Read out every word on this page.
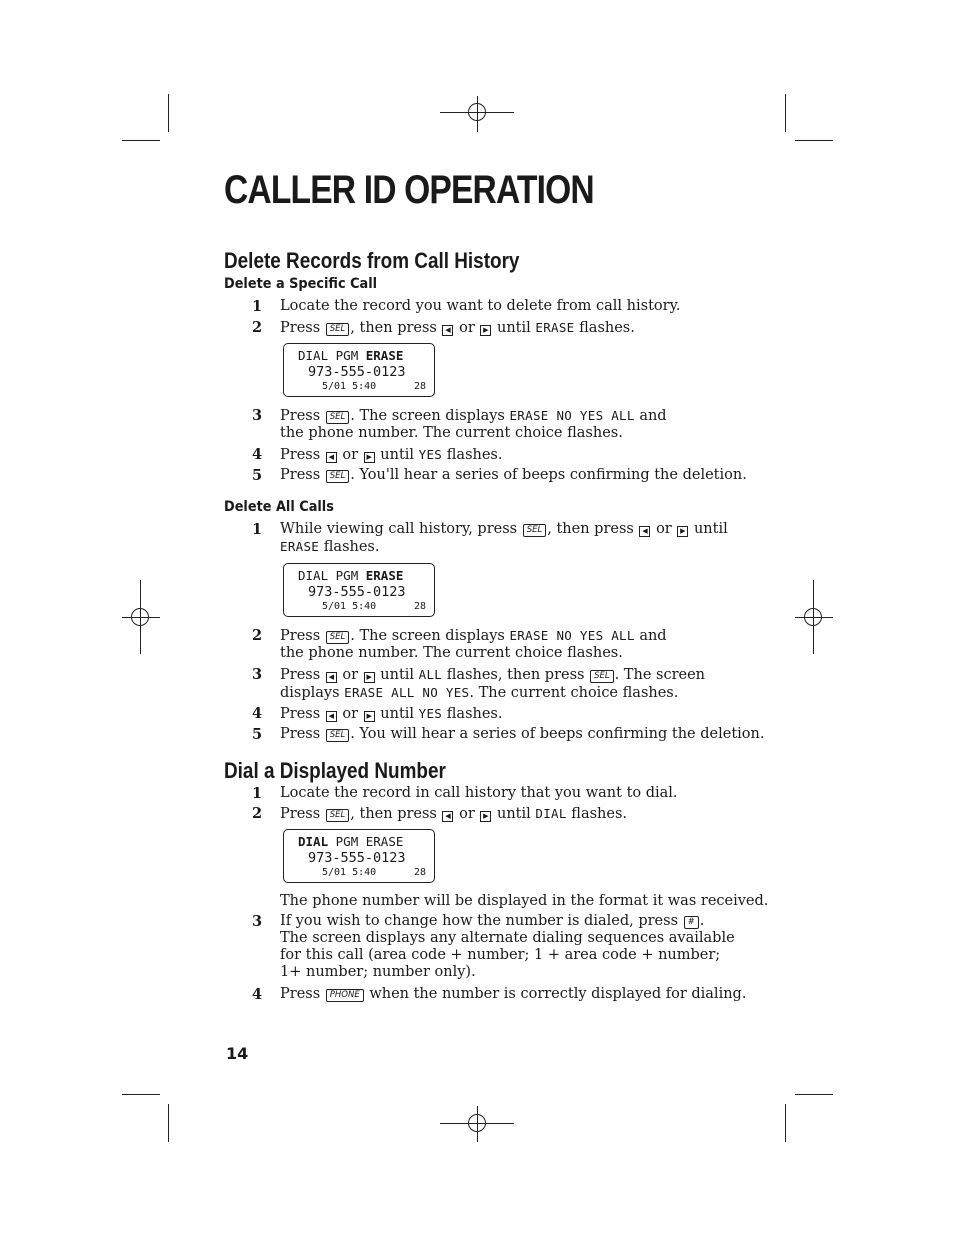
CALLER ID OPERATION
Delete Records from Call History
Delete a Specific Call
1 Locate the record you want to delete from call history.
2 Press SEL , then press ◀ or ▶ until ERASE flashes.
DIAL PGM ERASE
973-555-0123
5/01 5:40	28
3 Press SEL . The screen displays ERASE NO YES ALL and
the phone number. The current choice flashes.
4 Press ◀ or ▶ until YES flashes.
5 Press SEL . You'll hear a series of beeps confirming the deletion.
Delete All Calls
1 While viewing call history, press SEL , then press ◀ or ▶ until
ERASE flashes.
DIAL PGM ERASE
973-555-0123
5/01 5:40	28
2 Press SEL . The screen displays ERASE NO YES ALL and
the phone number. The current choice flashes.
3 Press ◀ or ▶ until ALL flashes, then press SEL . The screen
displays ERASE ALL NO YES. The current choice flashes.
4 Press ◀ or ▶ until YES flashes.
5 Press SEL . You will hear a series of beeps confirming the deletion.
Dial a Displayed Number
1 Locate the record in call history that you want to dial.
2 Press SEL , then press ◀ or ▶ until DIAL flashes.
DIAL PGM ERASE
973-555-0123
5/01 5:40	28
The phone number will be displayed in the format it was received.
3 If you wish to change how the number is dialed, press # .
The screen displays any alternate dialing sequences available
for this call (area code + number; 1 + area code + number;
1+ number; number only).
4 Press PHONE when the number is correctly displayed for dialing.
14
